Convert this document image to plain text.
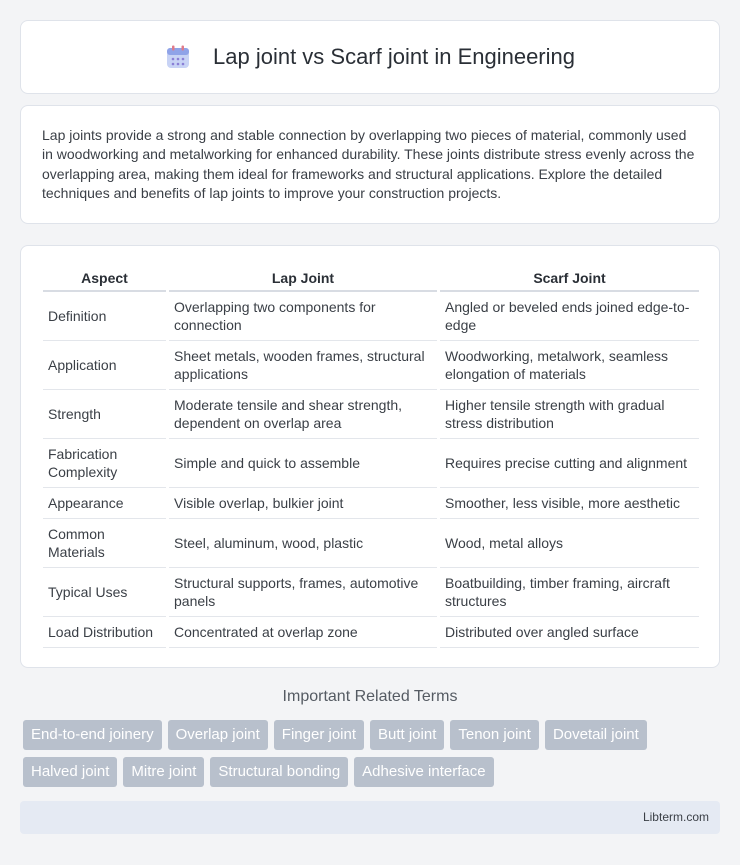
Lap joint vs Scarf joint in Engineering

Lap joints provide a strong and stable connection by overlapping two pieces of material, commonly used in woodworking and metalworking for enhanced durability. These joints distribute stress evenly across the overlapping area, making them ideal for frameworks and structural applications. Explore the detailed techniques and benefits of lap joints to improve your construction projects.

Aspect		Lap Joint		Scarf Joint
Definition		Overlapping two components for connection		Angled or beveled ends joined edge-to-edge
Application		Sheet metals, wooden frames, structural applications		Woodworking, metalwork, seamless elongation of materials
Strength		Moderate tensile and shear strength, dependent on overlap area		Higher tensile strength with gradual stress distribution
Fabrication Complexity		Simple and quick to assemble		Requires precise cutting and alignment
Appearance		Visible overlap, bulkier joint		Smoother, less visible, more aesthetic
Common Materials		Steel, aluminum, wood, plastic		Wood, metal alloys
Typical Uses		Structural supports, frames, automotive panels		Boatbuilding, timber framing, aircraft structures
Load Distribution		Concentrated at overlap zone		Distributed over angled surface
Important Related Terms
End-to-end joinery	Overlap joint	Finger joint	Butt joint	Tenon joint	Dovetail joint
Halved joint	Mitre joint	Structural bonding	Adhesive interface
Libterm.com
